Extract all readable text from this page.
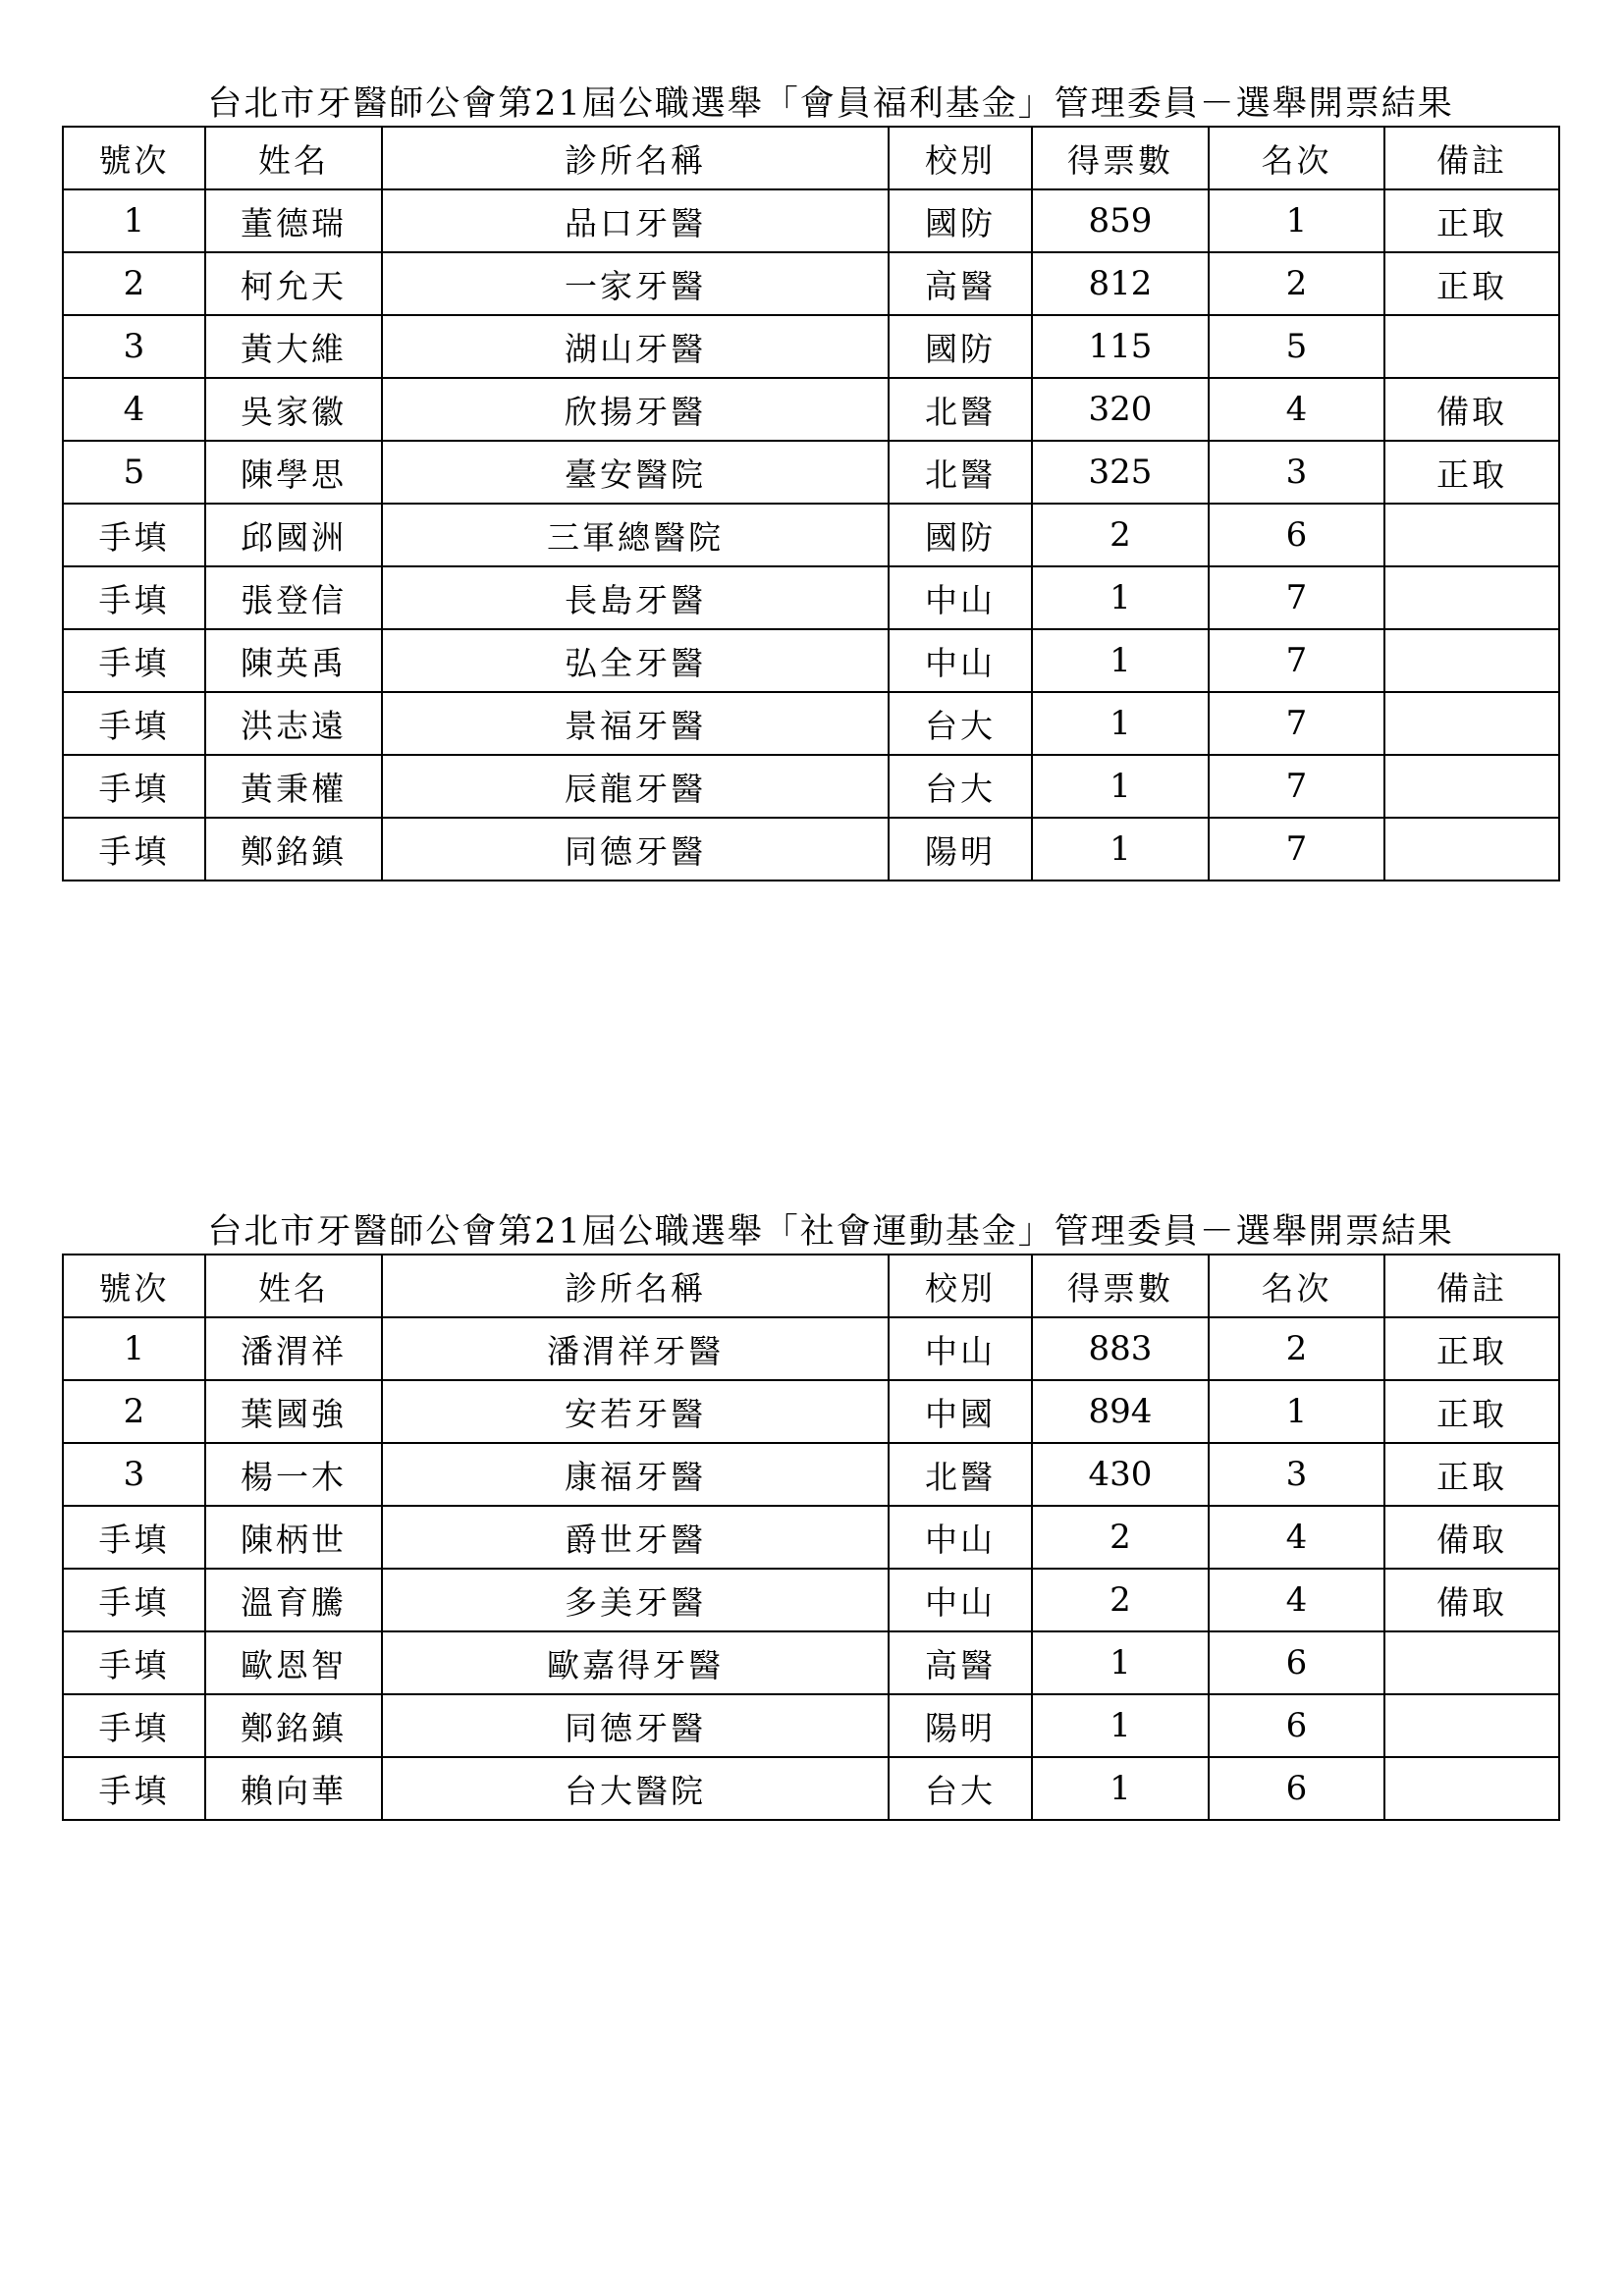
台北市牙醫師公會第21屆公職選舉「會員福利基金」管理委員－選舉開票結果
號次	姓名	診所名稱	校別	得票數	名次	備註
1	董德瑞	品口牙醫	國防	859	1	正取
2	柯允天	一家牙醫	高醫	812	2	正取
3	黃大維	湖山牙醫	國防	115	5	
4	吳家徽	欣揚牙醫	北醫	320	4	備取
5	陳學思	臺安醫院	北醫	325	3	正取
手填	邱國洲	三軍總醫院	國防	2	6	
手填	張登信	長島牙醫	中山	1	7	
手填	陳英禹	弘全牙醫	中山	1	7	
手填	洪志遠	景福牙醫	台大	1	7	
手填	黃秉權	辰龍牙醫	台大	1	7	
手填	鄭銘鎮	同德牙醫	陽明	1	7	
台北市牙醫師公會第21屆公職選舉「社會運動基金」管理委員－選舉開票結果
號次	姓名	診所名稱	校別	得票數	名次	備註
1	潘渭祥	潘渭祥牙醫	中山	883	2	正取
2	葉國強	安若牙醫	中國	894	1	正取
3	楊一木	康福牙醫	北醫	430	3	正取
手填	陳柄世	爵世牙醫	中山	2	4	備取
手填	溫育騰	多美牙醫	中山	2	4	備取
手填	歐恩智	歐嘉得牙醫	高醫	1	6	
手填	鄭銘鎮	同德牙醫	陽明	1	6	
手填	賴向華	台大醫院	台大	1	6	
